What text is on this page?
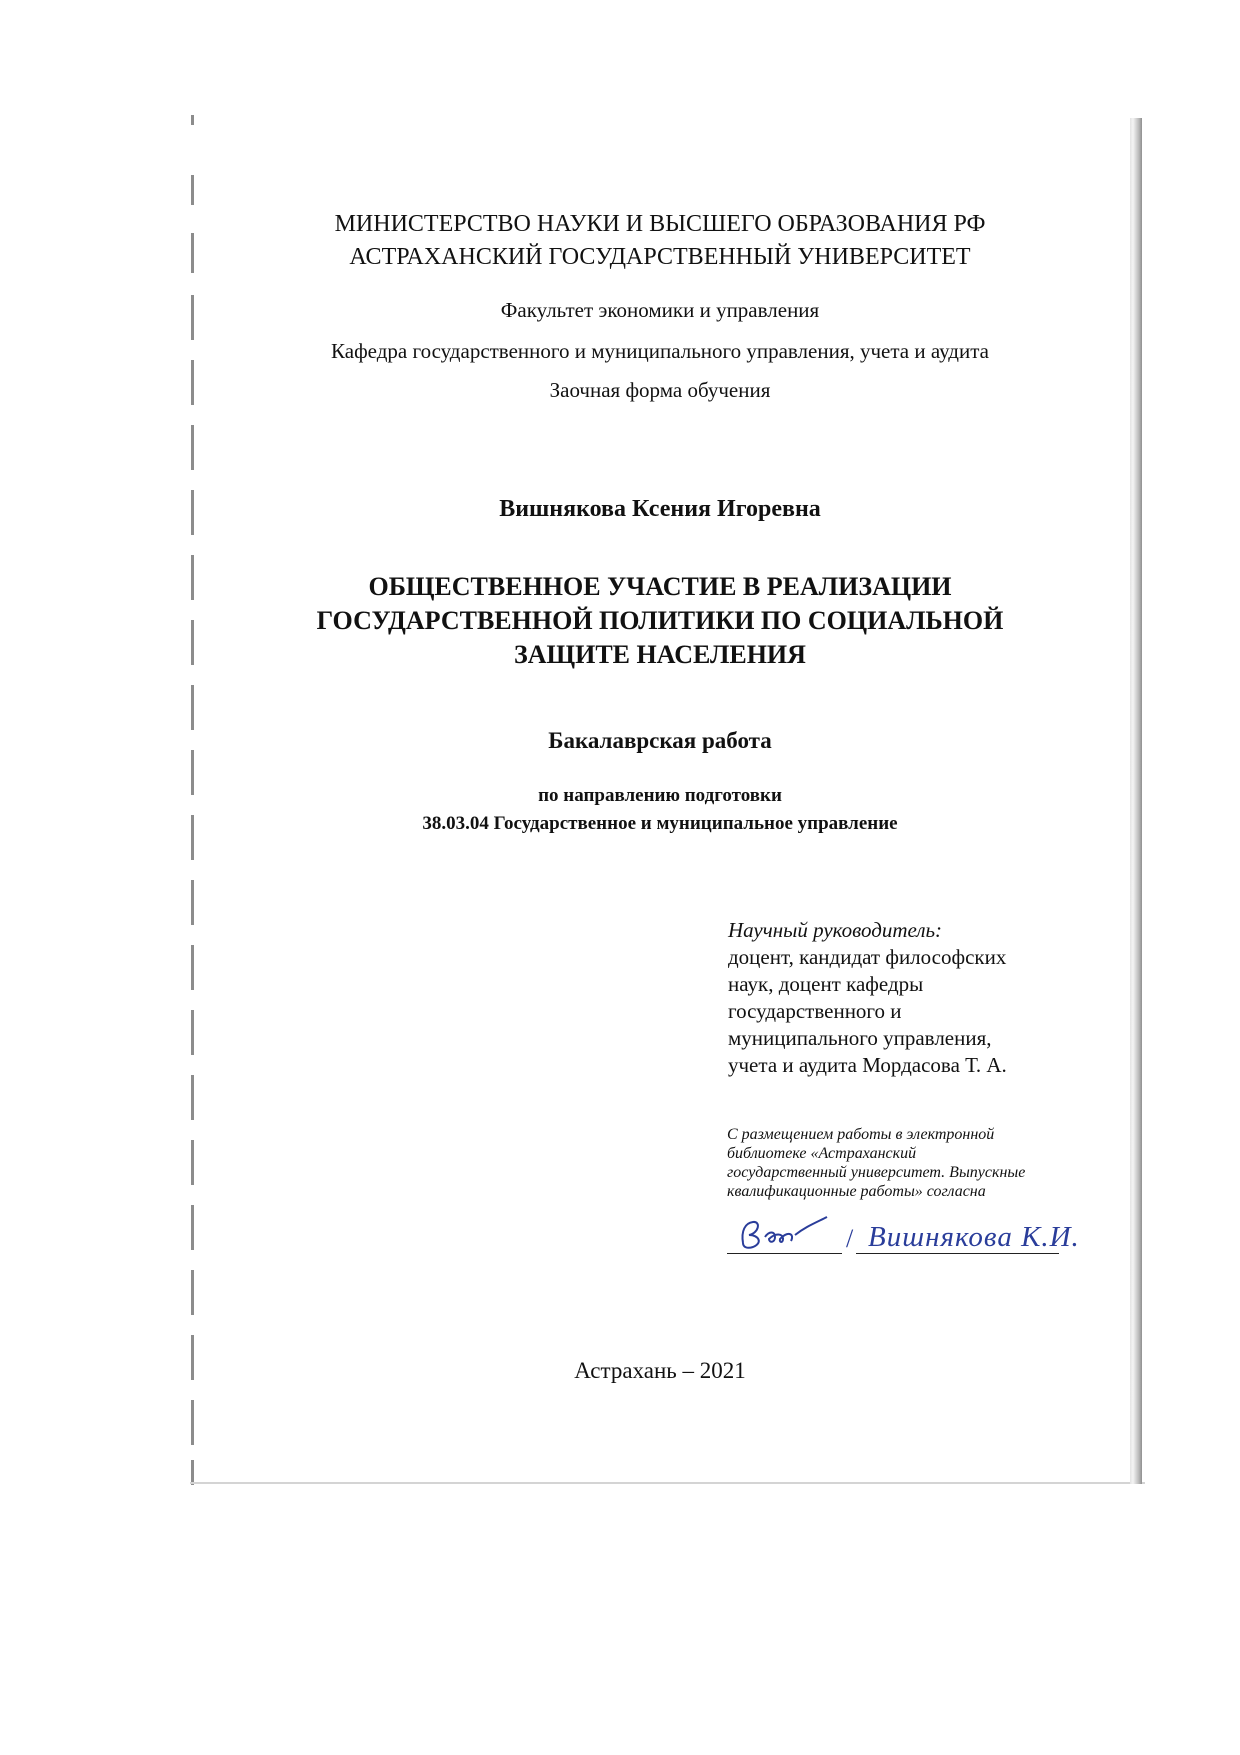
МИНИСТЕРСТВО НАУКИ И ВЫСШЕГО ОБРАЗОВАНИЯ РФ
АСТРАХАНСКИЙ ГОСУДАРСТВЕННЫЙ УНИВЕРСИТЕТ
Факультет экономики и управления
Кафедра государственного и муниципального управления, учета и аудита
Заочная форма обучения
Вишнякова Ксения Игоревна
ОБЩЕСТВЕННОЕ УЧАСТИЕ В РЕАЛИЗАЦИИ
ГОСУДАРСТВЕННОЙ ПОЛИТИКИ ПО СОЦИАЛЬНОЙ
ЗАЩИТЕ НАСЕЛЕНИЯ
Бакалаврская работа
по направлению подготовки
38.03.04 Государственное и муниципальное управление
Научный руководитель:
доцент, кандидат философских
наук, доцент кафедры
государственного и
муниципального управления,
учета и аудита Мордасова Т. А.
С размещением работы в электронной
библиотеке «Астраханский
государственный университет. Выпускные
квалификационные работы» согласна
/ Вишнякова К.И.
Астрахань – 2021
